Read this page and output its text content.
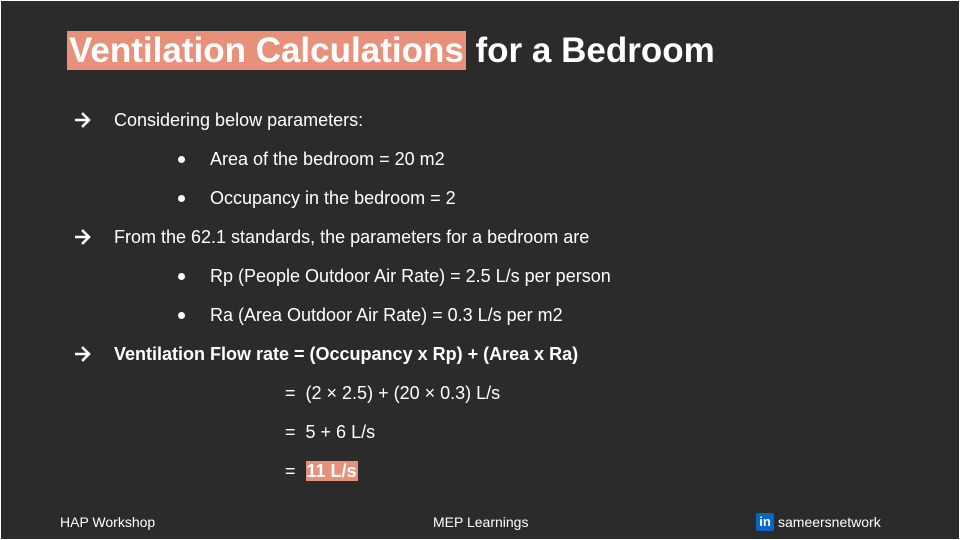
Ventilation Calculations for a Bedroom
Considering below parameters:
Area of the bedroom = 20 m2
Occupancy in the bedroom = 2
From the 62.1 standards, the parameters for a bedroom are
Rp (People Outdoor Air Rate) = 2.5 L/s per person
Ra (Area Outdoor Air Rate) = 0.3 L/s per m2
Ventilation Flow rate = (Occupancy x Rp) + (Area x Ra)
= (2 × 2.5) + (20 × 0.3) L/s
= 5 + 6 L/s
= 11 L/s
HAP Workshop	MEP Learnings	in sameersnetwork
